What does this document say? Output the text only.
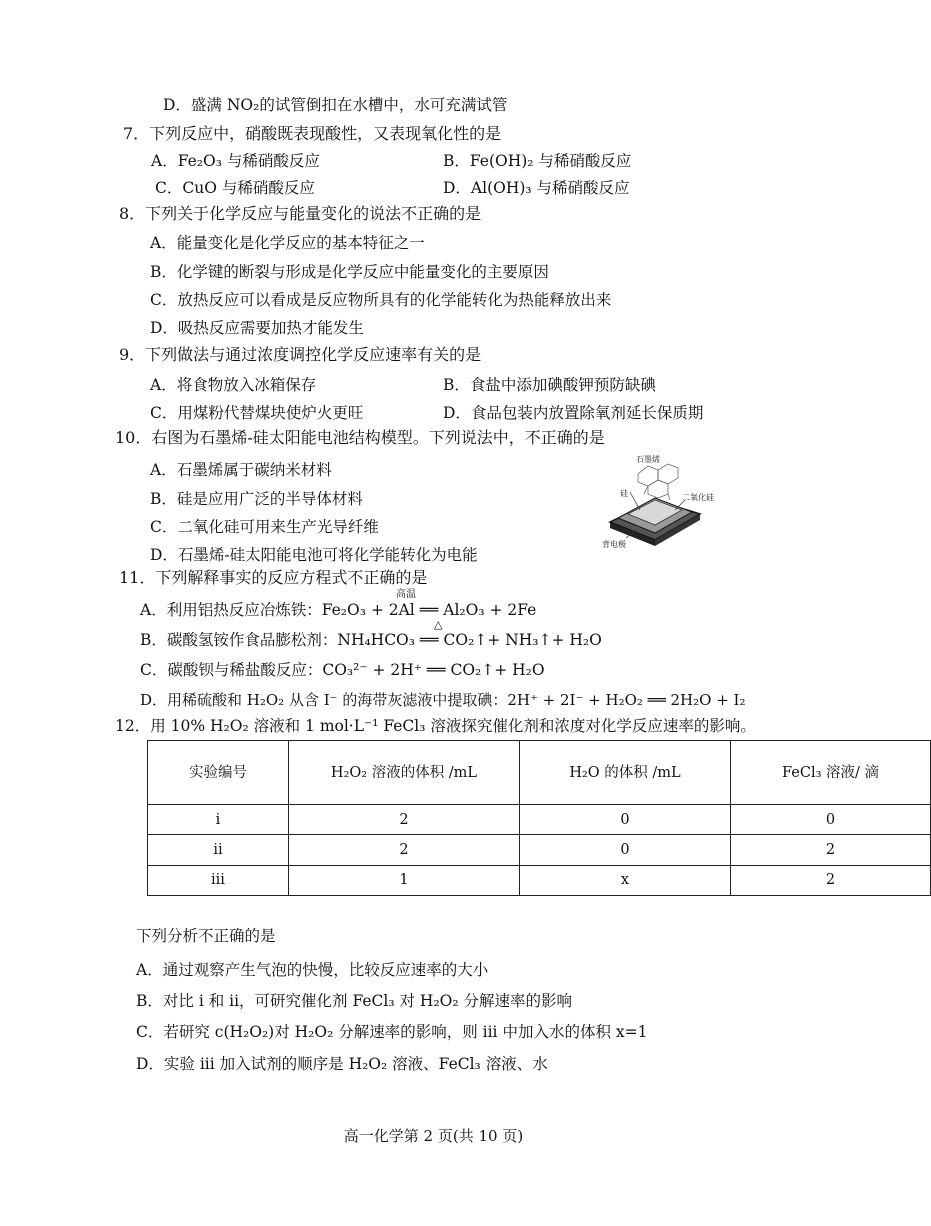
D．盛满 NO₂的试管倒扣在水槽中，水可充满试管
7．下列反应中，硝酸既表现酸性，又表现氧化性的是
A．Fe₂O₃ 与稀硝酸反应	B．Fe(OH)₂ 与稀硝酸反应
C．CuO 与稀硝酸反应	D．Al(OH)₃ 与稀硝酸反应
8．下列关于化学反应与能量变化的说法不正确的是
A．能量变化是化学反应的基本特征之一
B．化学键的断裂与形成是化学反应中能量变化的主要原因
C．放热反应可以看成是反应物所具有的化学能转化为热能释放出来
D．吸热反应需要加热才能发生
9．下列做法与通过浓度调控化学反应速率有关的是
A．将食物放入冰箱保存	B．食盐中添加碘酸钾预防缺碘
C．用煤粉代替煤块使炉火更旺	D．食品包装内放置除氧剂延长保质期
10．右图为石墨烯-硅太阳能电池结构模型。下列说法中，不正确的是
A．石墨烯属于碳纳米材料
B．硅是应用广泛的半导体材料
C．二氧化硅可用来生产光导纤维
D．石墨烯-硅太阳能电池可将化学能转化为电能
石墨烯
硅	二氧化硅
背电极
11．下列解释事实的反应方程式不正确的是
高温
A．利用铝热反应冶炼铁：Fe₂O₃ + 2Al ══ Al₂O₃ + 2Fe
△
B．碳酸氢铵作食品膨松剂：NH₄HCO₃ ══ CO₂↑+ NH₃↑+ H₂O
C．碳酸钡与稀盐酸反应：CO₃²⁻ + 2H⁺ ══ CO₂↑+ H₂O
D．用稀硫酸和 H₂O₂ 从含 I⁻ 的海带灰滤液中提取碘：2H⁺ + 2I⁻ + H₂O₂ ══ 2H₂O + I₂
12．用 10% H₂O₂ 溶液和 1 mol·L⁻¹ FeCl₃ 溶液探究催化剂和浓度对化学反应速率的影响。
实验编号	H₂O₂ 溶液的体积 /mL	H₂O 的体积 /mL	FeCl₃ 溶液/ 滴
i	2	0	0
ii	2	0	2
iii	1	x	2
下列分析不正确的是
A．通过观察产生气泡的快慢，比较反应速率的大小
B．对比 i 和 ii，可研究催化剂 FeCl₃ 对 H₂O₂ 分解速率的影响
C．若研究 c(H₂O₂)对 H₂O₂ 分解速率的影响，则 iii 中加入水的体积 x=1
D．实验 iii 加入试剂的顺序是 H₂O₂ 溶液、FeCl₃ 溶液、水
高一化学第 2 页(共 10 页)
